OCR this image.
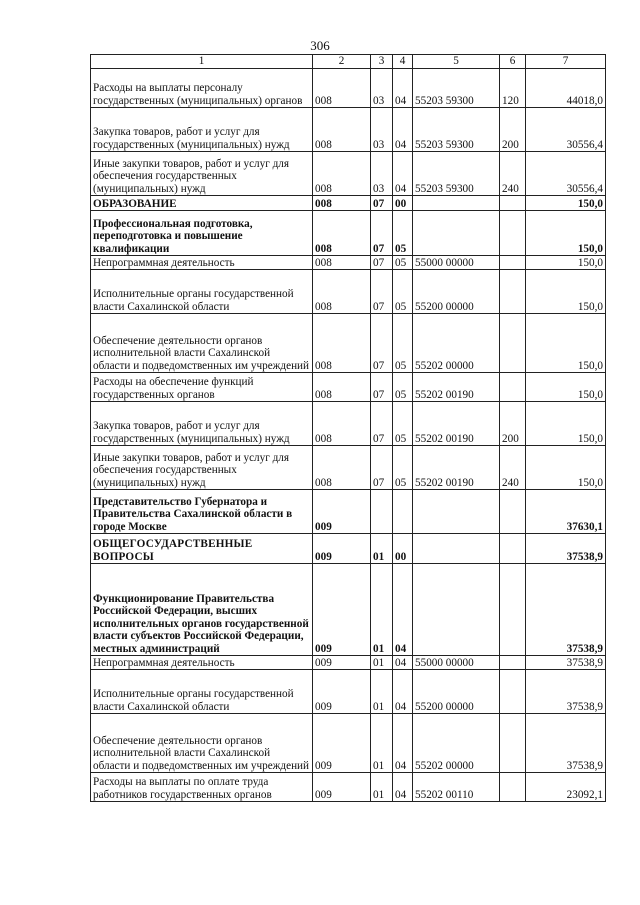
306
1	2	3	4	5	6	7
Расходы на выплаты персоналу государственных (муниципальных) органов	008	03	04	55203 59300	120	44018,0
Закупка товаров, работ и услуг для государственных (муниципальных) нужд	008	03	04	55203 59300	200	30556,4
Иные закупки товаров, работ и услуг для обеспечения государственных (муниципальных) нужд	008	03	04	55203 59300	240	30556,4
ОБРАЗОВАНИЕ	008	07	00			150,0
Профессиональная подготовка, переподготовка и повышение квалификации	008	07	05			150,0
Непрограммная деятельность	008	07	05	55000 00000		150,0
Исполнительные органы государственной власти Сахалинской области	008	07	05	55200 00000		150,0
Обеспечение деятельности органов исполнительной власти Сахалинской области и подведомственных им учреждений	008	07	05	55202 00000		150,0
Расходы на обеспечение функций государственных органов	008	07	05	55202 00190		150,0
Закупка товаров, работ и услуг для государственных (муниципальных) нужд	008	07	05	55202 00190	200	150,0
Иные закупки товаров, работ и услуг для обеспечения государственных (муниципальных) нужд	008	07	05	55202 00190	240	150,0
Представительство Губернатора и Правительства Сахалинской области в городе Москве	009					37630,1
ОБЩЕГОСУДАРСТВЕННЫЕ ВОПРОСЫ	009	01	00			37538,9
Функционирование Правительства Российской Федерации, высших исполнительных органов государственной власти субъектов Российской Федерации, местных администраций	009	01	04			37538,9
Непрограммная деятельность	009	01	04	55000 00000		37538,9
Исполнительные органы государственной власти Сахалинской области	009	01	04	55200 00000		37538,9
Обеспечение деятельности органов исполнительной власти Сахалинской области и подведомственных им учреждений	009	01	04	55202 00000		37538,9
Расходы на выплаты по оплате труда работников государственных органов	009	01	04	55202 00110		23092,1
